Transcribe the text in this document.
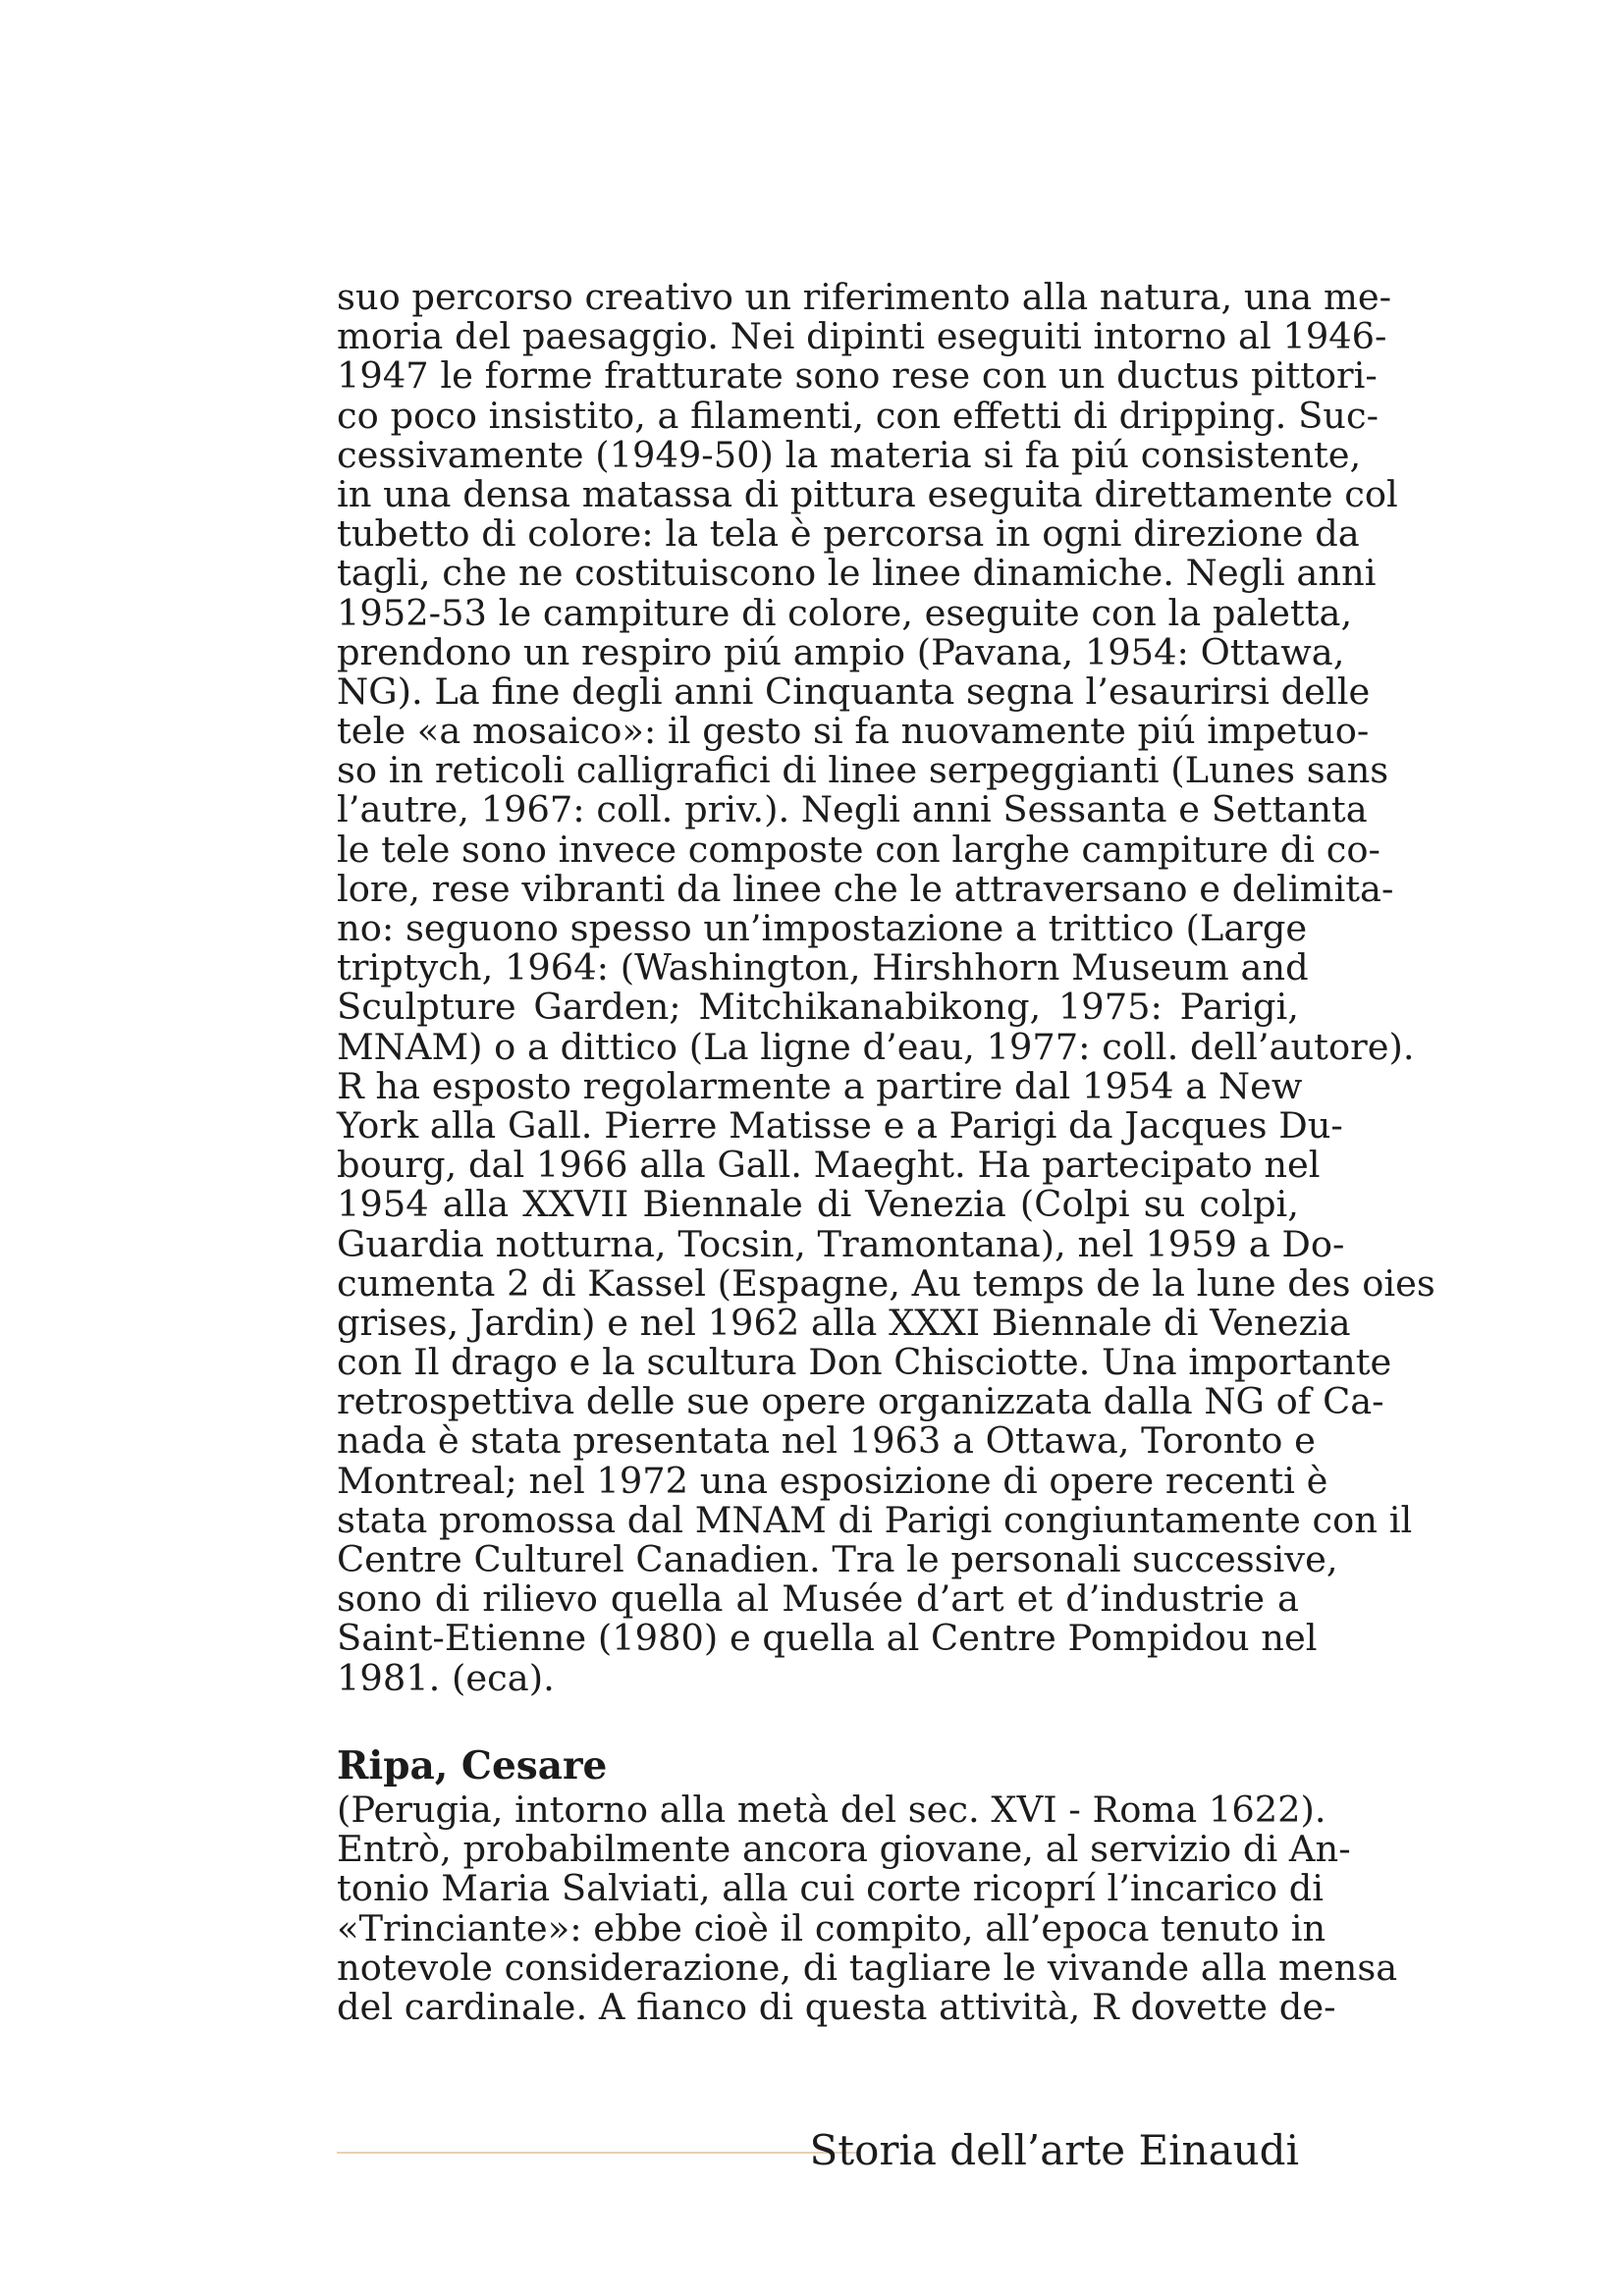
suo percorso creativo un riferimento alla natura, una me-
moria del paesaggio. Nei dipinti eseguiti intorno al 1946-
1947 le forme fratturate sono rese con un ductus pittori-
co poco insistito, a filamenti, con effetti di dripping. Suc-
cessivamente (1949-50) la materia si fa piú consistente,
in una densa matassa di pittura eseguita direttamente col
tubetto di colore: la tela è percorsa in ogni direzione da
tagli, che ne costituiscono le linee dinamiche. Negli anni
1952-53 le campiture di colore, eseguite con la paletta,
prendono un respiro piú ampio (Pavana, 1954: Ottawa,
NG). La fine degli anni Cinquanta segna l’esaurirsi delle
tele «a mosaico»: il gesto si fa nuovamente piú impetuo-
so in reticoli calligrafici di linee serpeggianti (Lunes sans
l’autre, 1967: coll. priv.). Negli anni Sessanta e Settanta
le tele sono invece composte con larghe campiture di co-
lore, rese vibranti da linee che le attraversano e delimita-
no: seguono spesso un’impostazione a trittico (Large
triptych, 1964: (Washington, Hirshhorn Museum and
Sculpture Garden; Mitchikanabikong, 1975: Parigi,
MNAM) o a dittico (La ligne d’eau, 1977: coll. dell’autore).
R ha esposto regolarmente a partire dal 1954 a New
York alla Gall. Pierre Matisse e a Parigi da Jacques Du-
bourg, dal 1966 alla Gall. Maeght. Ha partecipato nel
1954 alla XXVII Biennale di Venezia (Colpi su colpi,
Guardia notturna, Tocsin, Tramontana), nel 1959 a Do-
cumenta 2 di Kassel (Espagne, Au temps de la lune des oies
grises, Jardin) e nel 1962 alla XXXI Biennale di Venezia
con Il drago e la scultura Don Chisciotte. Una importante
retrospettiva delle sue opere organizzata dalla NG of Ca-
nada è stata presentata nel 1963 a Ottawa, Toronto e
Montreal; nel 1972 una esposizione di opere recenti è
stata promossa dal MNAM di Parigi congiuntamente con il
Centre Culturel Canadien. Tra le personali successive,
sono di rilievo quella al Musée d’art et d’industrie a
Saint-Etienne (1980) e quella al Centre Pompidou nel
1981. (eca).
Ripa, Cesare
(Perugia, intorno alla metà del sec. XVI - Roma 1622).
Entrò, probabilmente ancora giovane, al servizio di An-
tonio Maria Salviati, alla cui corte ricoprí l’incarico di
«Trinciante»: ebbe cioè il compito, all’epoca tenuto in
notevole considerazione, di tagliare le vivande alla mensa
del cardinale. A fianco di questa attività, R dovette de-
Storia dell’arte Einaudi
